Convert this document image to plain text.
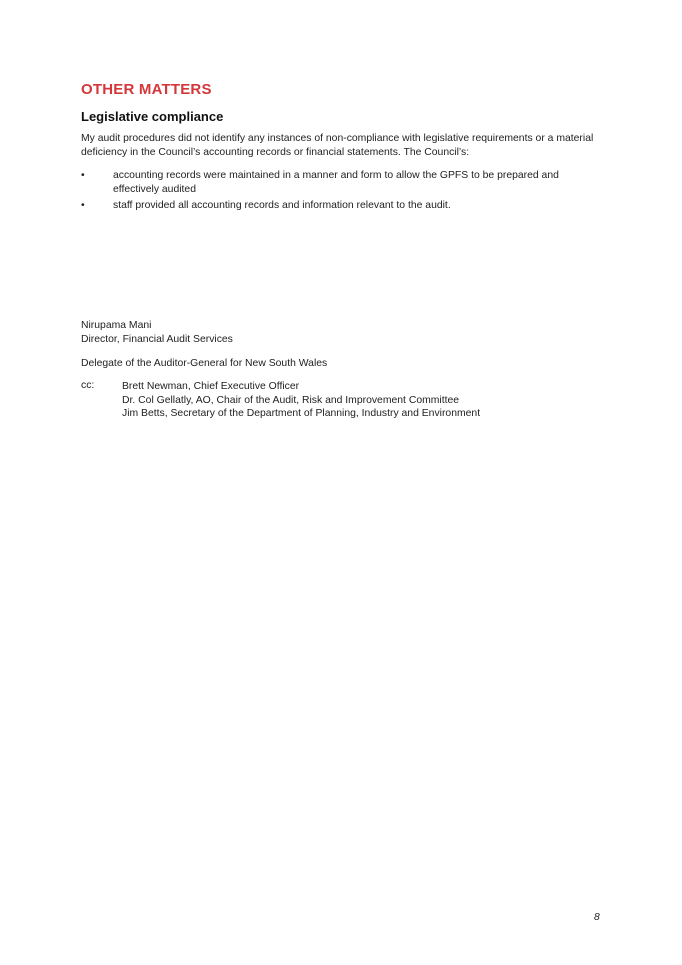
OTHER MATTERS
Legislative compliance

My audit procedures did not identify any instances of non-compliance with legislative requirements or a material deficiency in the Council’s accounting records or financial statements. The Council’s:

•	accounting records were maintained in a manner and form to allow the GPFS to be prepared and effectively audited
•	staff provided all accounting records and information relevant to the audit.

Nirupama Mani

Director, Financial Audit Services

Delegate of the Auditor-General for New South Wales

cc:	Brett Newman, Chief Executive Officer
Dr. Col Gellatly, AO, Chair of the Audit, Risk and Improvement Committee
Jim Betts, Secretary of the Department of Planning, Industry and Environment
8
